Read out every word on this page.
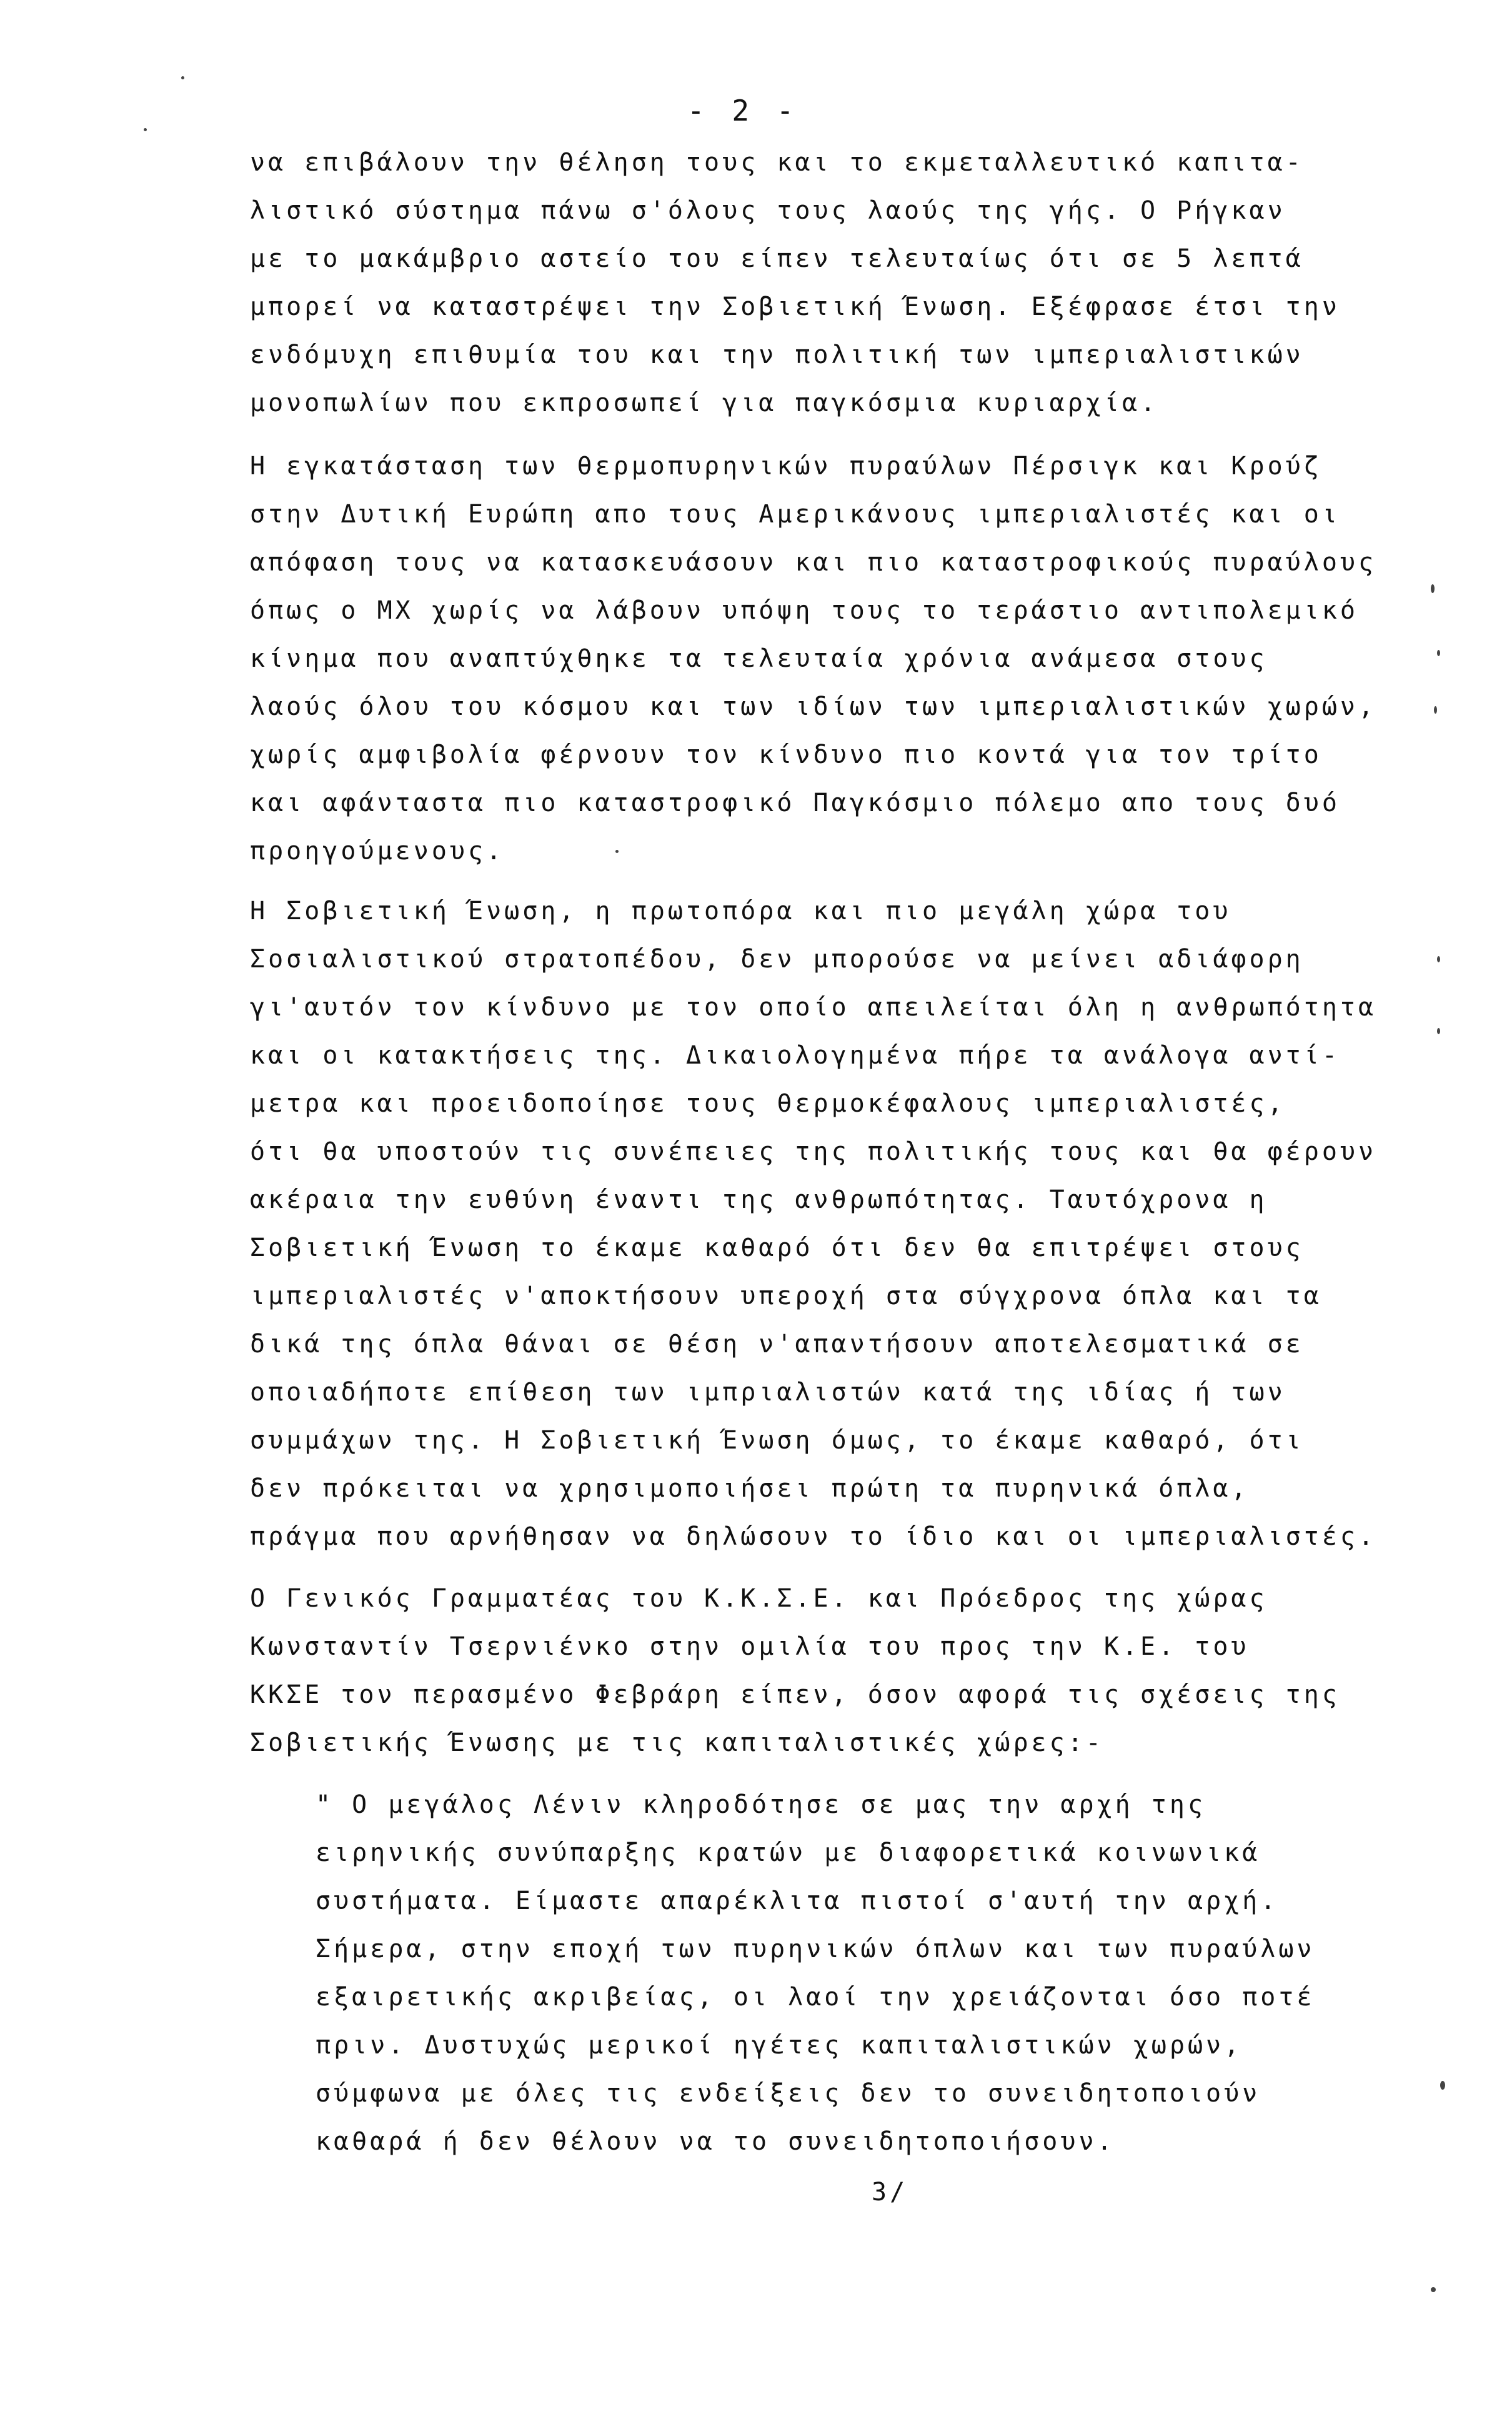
- 2 -
να επιβάλουν την θέληση τους και το εκμεταλλευτικό καπιτα-
λιστικό σύστημα πάνω σ'όλους τους λαούς της γής. Ο Ρήγκαν
με το μακάμβριο αστείο του είπεν τελευταίως ότι σε 5 λεπτά
μπορεί να καταστρέψει την Σοβιετική Ένωση. Εξέφρασε έτσι την
ενδόμυχη επιθυμία του και την πολιτική των ιμπεριαλιστικών
μονοπωλίων που εκπροσωπεί για παγκόσμια κυριαρχία.
Η εγκατάσταση των θερμοπυρηνικών πυραύλων Πέρσιγκ και Κρούζ
στην Δυτική Ευρώπη απο τους Αμερικάνους ιμπεριαλιστές και οι
απόφαση τους να κατασκευάσουν και πιο καταστροφικούς πυραύλους
όπως ο ΜΧ χωρίς να λάβουν υπόψη τους το τεράστιο αντιπολεμικό
κίνημα που αναπτύχθηκε τα τελευταία χρόνια ανάμεσα στους
λαούς όλου του κόσμου και των ιδίων των ιμπεριαλιστικών χωρών,
χωρίς αμφιβολία φέρνουν τον κίνδυνο πιο κοντά για τον τρίτο
και αφάνταστα πιο καταστροφικό Παγκόσμιο πόλεμο απο τους δυό
προηγούμενους.
Η Σοβιετική Ένωση, η πρωτοπόρα και πιο μεγάλη χώρα του
Σοσιαλιστικού στρατοπέδου, δεν μπορούσε να μείνει αδιάφορη
γι'αυτόν τον κίνδυνο με τον οποίο απειλείται όλη η ανθρωπότητα
και οι κατακτήσεις της. Δικαιολογημένα πήρε τα ανάλογα αντί-
μετρα και προειδοποίησε τους θερμοκέφαλους ιμπεριαλιστές,
ότι θα υποστούν τις συνέπειες της πολιτικής τους και θα φέρουν
ακέραια την ευθύνη έναντι της ανθρωπότητας. Ταυτόχρονα η
Σοβιετική Ένωση το έκαμε καθαρό ότι δεν θα επιτρέψει στους
ιμπεριαλιστές ν'αποκτήσουν υπεροχή στα σύγχρονα όπλα και τα
δικά της όπλα θάναι σε θέση ν'απαντήσουν αποτελεσματικά σε
οποιαδήποτε επίθεση των ιμπριαλιστών κατά της ιδίας ή των
συμμάχων της. Η Σοβιετική Ένωση όμως, το έκαμε καθαρό, ότι
δεν πρόκειται να χρησιμοποιήσει πρώτη τα πυρηνικά όπλα,
πράγμα που αρνήθησαν να δηλώσουν το ίδιο και οι ιμπεριαλιστές.
Ο Γενικός Γραμματέας του Κ.Κ.Σ.Ε. και Πρόεδρος της χώρας
Κωνσταντίν Τσερνιένκο στην ομιλία του προς την Κ.Ε. του
ΚΚΣΕ τον περασμένο Φεβράρη είπεν, όσον αφορά τις σχέσεις της
Σοβιετικής Ένωσης με τις καπιταλιστικές χώρες:-
" Ο μεγάλος Λένιν κληροδότησε σε μας την αρχή της
ειρηνικής συνύπαρξης κρατών με διαφορετικά κοινωνικά
συστήματα. Είμαστε απαρέκλιτα πιστοί σ'αυτή την αρχή.
Σήμερα, στην εποχή των πυρηνικών όπλων και των πυραύλων
εξαιρετικής ακριβείας, οι λαοί την χρειάζονται όσο ποτέ
πριν. Δυστυχώς μερικοί ηγέτες καπιταλιστικών χωρών,
σύμφωνα με όλες τις ενδείξεις δεν το συνειδητοποιούν
καθαρά ή δεν θέλουν να το συνειδητοποιήσουν.
3/
